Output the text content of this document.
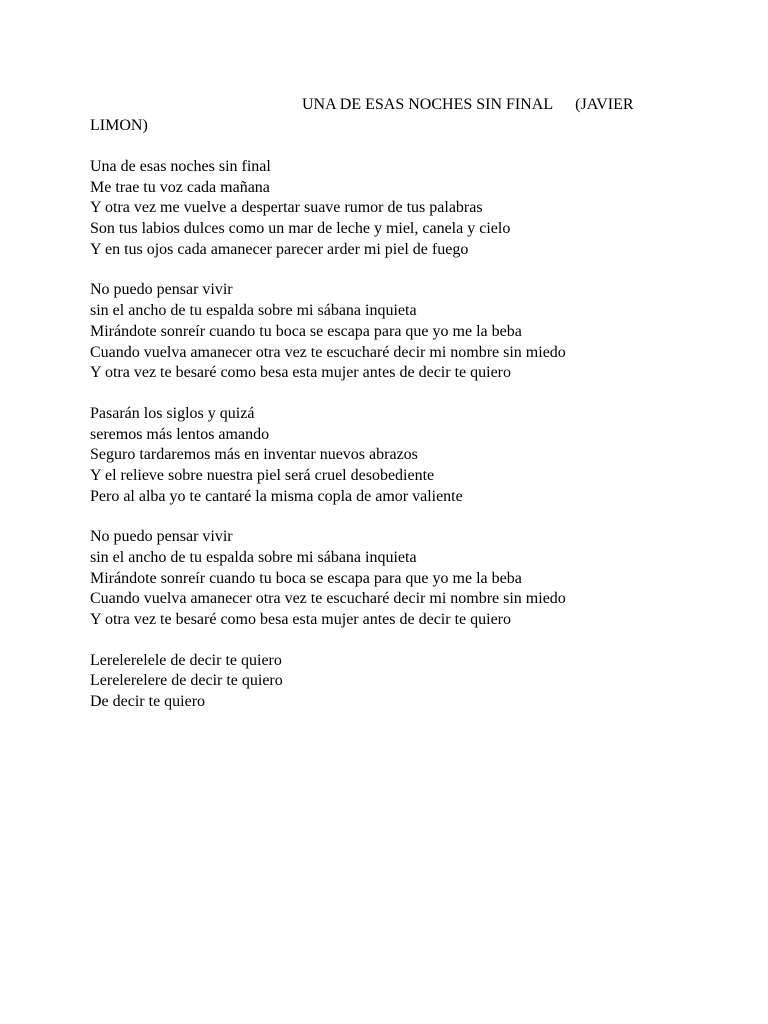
UNA DE ESAS NOCHES SIN FINAL (JAVIER
LIMON)
Una de esas noches sin final
Me trae tu voz cada mañana
Y otra vez me vuelve a despertar suave rumor de tus palabras
Son tus labios dulces como un mar de leche y miel, canela y cielo
Y en tus ojos cada amanecer parecer arder mi piel de fuego
No puedo pensar vivir
sin el ancho de tu espalda sobre mi sábana inquieta
Mirándote sonreír cuando tu boca se escapa para que yo me la beba
Cuando vuelva amanecer otra vez te escucharé decir mi nombre sin miedo
Y otra vez te besaré como besa esta mujer antes de decir te quiero
Pasarán los siglos y quizá
seremos más lentos amando
Seguro tardaremos más en inventar nuevos abrazos
Y el relieve sobre nuestra piel será cruel desobediente
Pero al alba yo te cantaré la misma copla de amor valiente
No puedo pensar vivir
sin el ancho de tu espalda sobre mi sábana inquieta
Mirándote sonreír cuando tu boca se escapa para que yo me la beba
Cuando vuelva amanecer otra vez te escucharé decir mi nombre sin miedo
Y otra vez te besaré como besa esta mujer antes de decir te quiero
Lerelerelele de decir te quiero
Lerelerelere de decir te quiero
De decir te quiero
